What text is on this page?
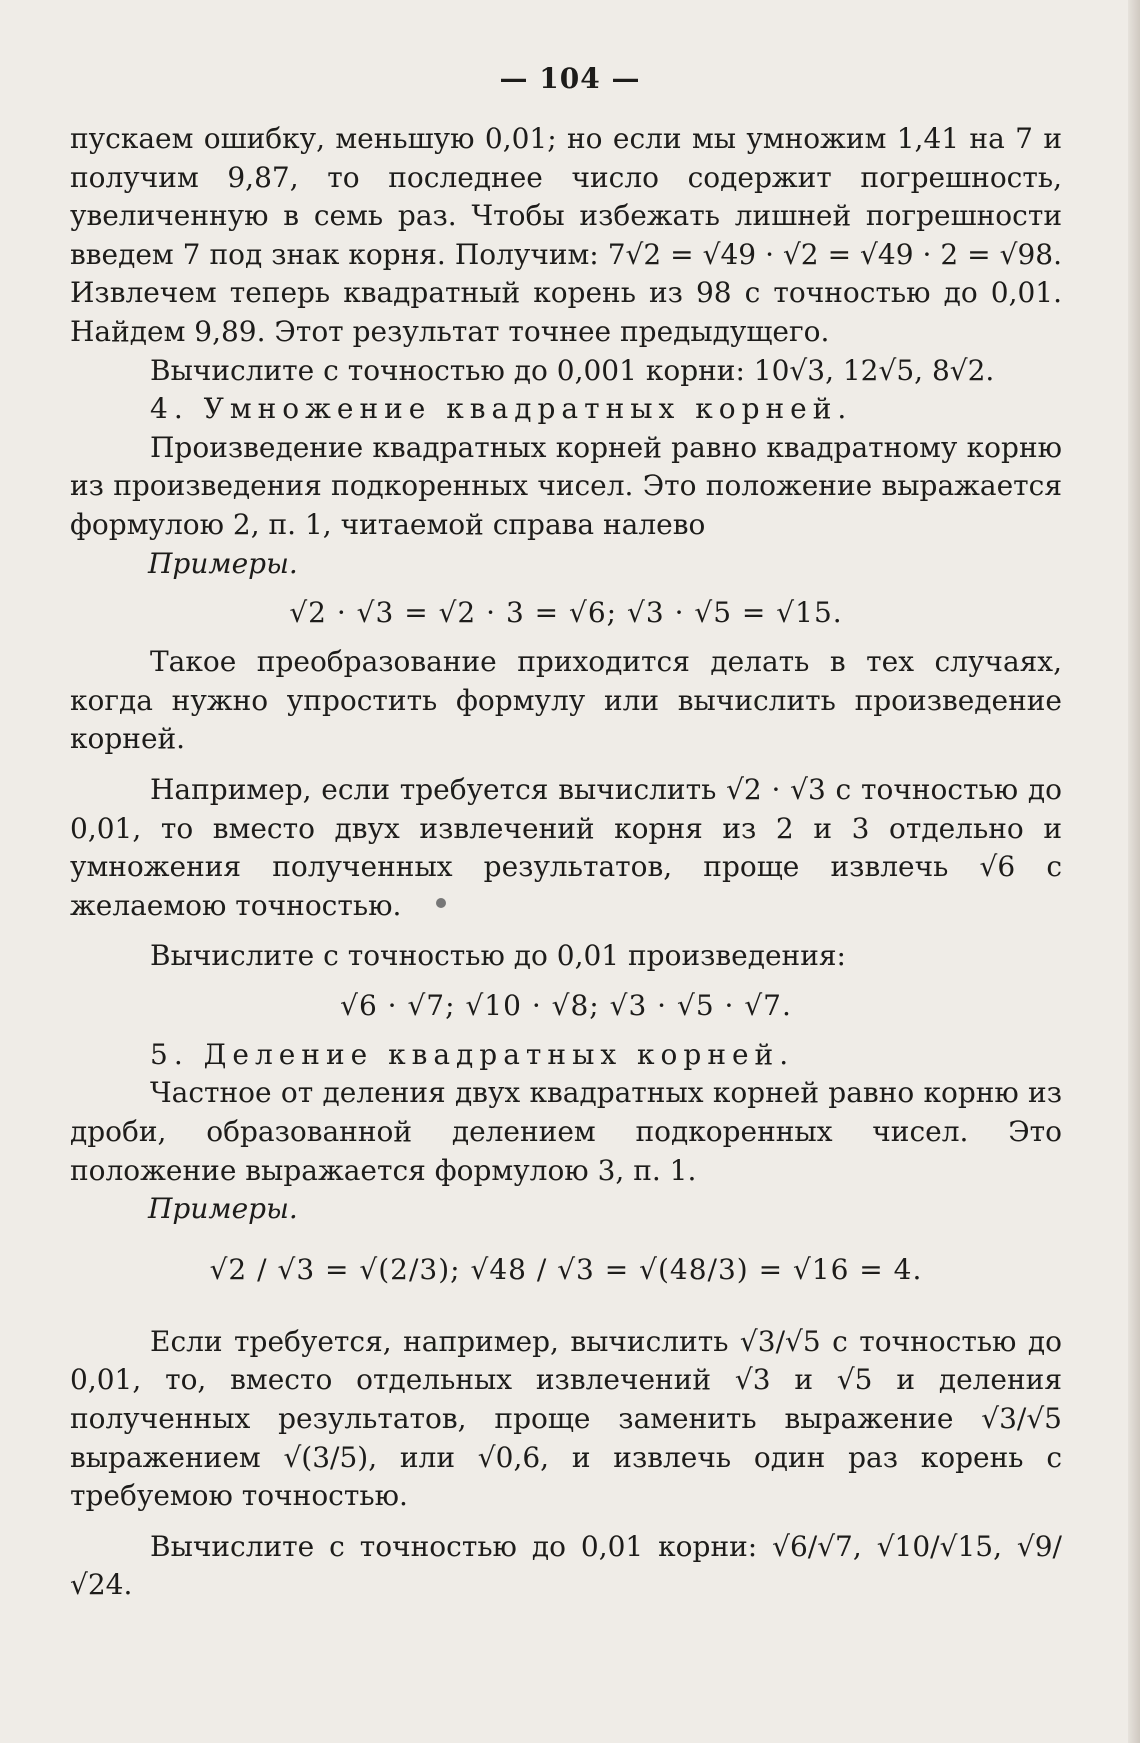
— 104 —

пускаем ошибку, меньшую 0,01; но если мы умножим 1,41 на 7 и получим 9,87, то последнее число содержит погрешность, увеличенную в семь раз. Чтобы избежать лишней погрешности введем 7 под знак корня. Получим: 7√2 = √49 · √2 = √49 · 2 = √98. Извлечем теперь квадратный корень из 98 с точностью до 0,01. Найдем 9,89. Этот результат точнее предыдущего.

Вычислите с точностью до 0,001 корни: 10√3, 12√5, 8√2.

4. Умножение квадратных корней.

Произведение квадратных корней равно квадратному корню из произведения подкоренных чисел. Это положение выражается формулою 2, п. 1, читаемой справа налево

Примеры.

√2 · √3 = √2 · 3 = √6; √3 · √5 = √15.

Такое преобразование приходится делать в тех случаях, когда нужно упростить формулу или вычислить произведение корней.

Например, если требуется вычислить √2 · √3 с точностью до 0,01, то вместо двух извлечений корня из 2 и 3 отдельно и умножения полученных результатов, проще извлечь √6 с желаемою точностью.

Вычислите с точностью до 0,01 произведения:

√6 · √7; √10 · √8; √3 · √5 · √7.

5. Деление квадратных корней.

Частное от деления двух квадратных корней равно корню из дроби, образованной делением подкоренных чисел. Это положение выражается формулою 3, п. 1.

Примеры.

√2 / √3 = √(2/3); √48 / √3 = √(48/3) = √16 = 4.

Если требуется, например, вычислить √3/√5 с точностью до 0,01, то, вместо отдельных извлечений √3 и √5 и деления полученных результатов, проще заменить выражение √3/√5 выражением √(3/5), или √0,6, и извлечь один раз корень с требуемою точностью.

Вычислите с точностью до 0,01 корни: √6/√7, √10/√15, √9/√24.
